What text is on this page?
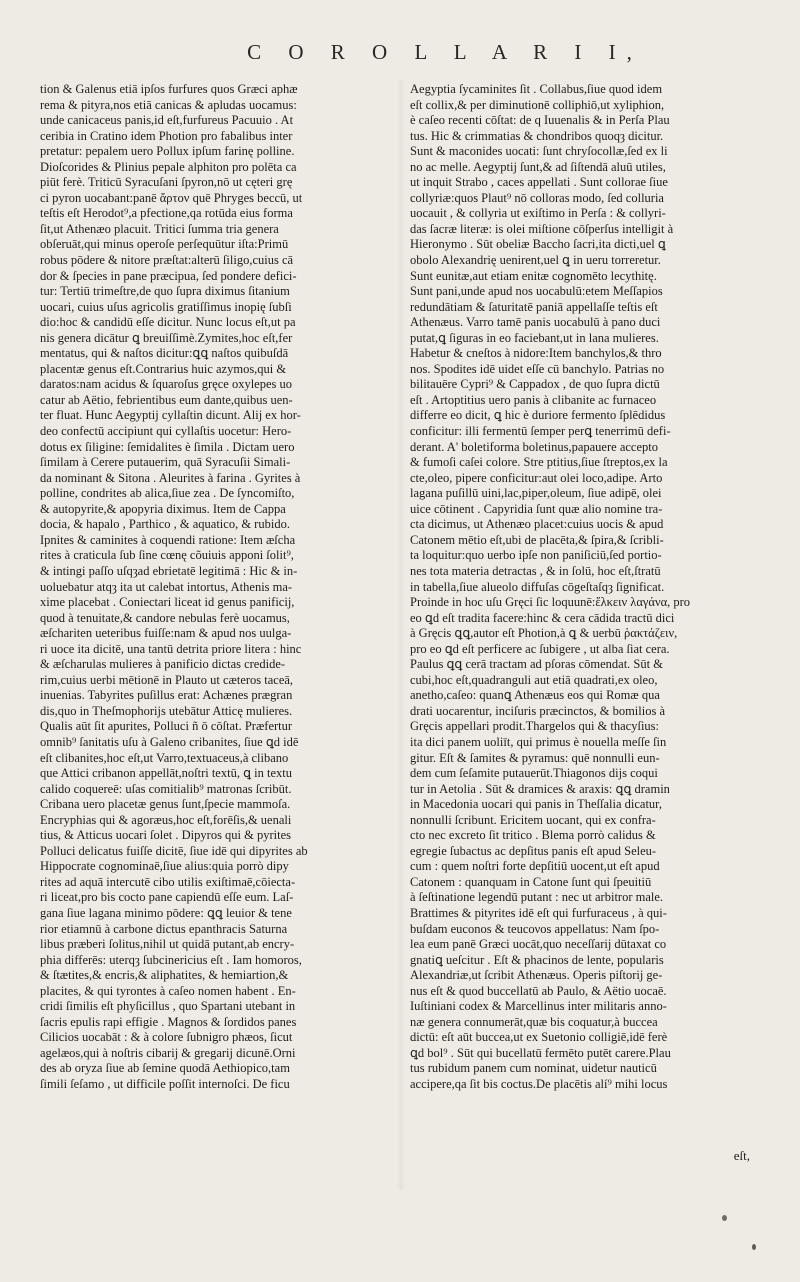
C O R O L L A R I I,
tion & Galenus etiā ipſos furfures quos Græci aphæ
rema & pityra,nos etiā canicas & apludas uocamus:
unde canicaceus panis,id eſt,furfureus Pacuuio . At
ceribia in Cratino idem Photion pro fabalibus inter
pretatur: pepalem uero Pollux ipſum farinę polline.
Dioſcorides & Plinius pepale alphiton pro polēta ca
piūt ferè. Triticū Syracuſani ſpyron,nō ut cęteri grę
ci pyron uocabant:panē ἄρτον quē Phryges beccū, ut
teſtis eſt Herodot⁹,a pfectione,qa rotūda eius forma
ſit,ut Athenæo placuit. Tritici ſumma tria genera
obſeruāt,qui minus operoſe perſequūtur iſta:Primū
robus pōdere & nitore præſtat:alterū ſiligo,cuius cā
dor & ſpecies in pane præcipua, ſed pondere defici-
tur: Tertiū trimeſtre,de quo ſupra diximus ſitanium
uocari, cuius uſus agricolis gratiſſimus inopię ſubſi
dio:hoc & candidū eſſe dicitur. Nunc locus eſt,ut pa
nis genera dicātur ꝗ breuiſſimè.Zymites,hoc eſt,fer
mentatus, qui & naſtos dicitur:ꝗꝗ naſtos quibuſdā
placentæ genus eſt.Contrarius huic azymos,qui &
daratos:nam acidus & ſquaroſus gręce oxylepes uo
catur ab Aëtio, febrientibus eum dante,quibus uen-
ter fluat. Hunc Aegyptij cyllaſtin dicunt. Alij ex hor-
deo confectū accipiunt qui cyllaſtis uocetur: Hero-
dotus ex ſiligine: ſemidalites è ſimila . Dictam uero
ſimilam à Cerere putauerim, quā Syracuſii Simali-
da nominant & Sitona . Aleurites à farina . Gyrites à
polline, condrites ab alica,ſiue zea . De ſyncomiſto,
& autopyrite,& apopyria diximus. Item de Cappa
docia, & hapalo , Parthico , & aquatico, & rubido.
Ipnites & caminites à coquendi ratione: Item æſcha
rites à craticula ſub ſine cœnę cõuiuis apponi ſolit⁹,
& intingi paſſo uſqȝad ebrietatē legitimā : Hic & in-
uoluebatur atqȝ ita ut calebat intortus, Athenis ma-
xime placebat . Coniectari liceat id genus panificij,
quod à tenuitate,& candore nebulas ferè uocamus,
æſchariten ueteribus fuiſſe:nam & apud nos uulga-
ri uoce ita dicitē, una tantū detrita priore litera : hinc
& æſcharulas mulieres à panificio dictas credide-
rim,cuius uerbi mētionē in Plauto ut cæteros taceā,
inuenias. Tabyrites puſillus erat: Achænes prægran
dis,quo in Theſmophorijs utebātur Atticę mulieres.
Qualis aūt ſit apurites, Polluci ñ ō cōſtat. Præfertur
omnib⁹ ſanitatis uſu à Galeno cribanites, ſiue ꝗd idē
eſt clibanites,hoc eſt,ut Varro,textuaceus,à clibano
que Attici cribanon appellāt,noſtri textū, ꝗ in textu
calido coquereē: uſas comitialib⁹ matronas ſcribūt.
Cribana uero placetæ genus ſunt,ſpecie mammoſa.
Encryphias qui & agoræus,hoc eſt,forēſis,& uenali
tius, & Atticus uocari ſolet . Dipyros qui & pyrites
Polluci delicatus fuiſſe dicitē, ſiue idē qui dipyrites ab
Hippocrate cognominaē,ſiue alius:quia porrò dipy
rites ad aquā intercutē cibo utilis exiſtimaē,cōiecta-
ri liceat,pro bis cocto pane capiendū eſſe eum. Laſ-
gana ſiue lagana minimo pōdere: ꝗꝗ leuior & tene
rior etiamnū à carbone dictus epanthracis Saturna
libus præberi ſolitus,nihil ut quidā putant,ab encry-
phia differēs: uterqȝ ſubcinericius eſt . Iam homoros,
& ſtætites,& encris,& aliphatites, & hemiartion,&
placites, & qui tyrontes à caſeo nomen habent . En-
cridi ſimilis eſt phyſicillus , quo Spartani utebant in
ſacris epulis rapi effigie . Magnos & ſordidos panes
Cilicios uocabāt : & à colore ſubnigro phæos, ſicut
agelæos,qui à noſtris cibarij & gregarij dicunē.Orni
des ab oryza ſiue ab ſemine quodā Aethiopico,tam
ſimili ſeſamo , ut difficile poſſit internoſci. De ficu
Aegyptia ſycaminites ſit . Collabus,ſiue quod idem
eſt collix,& per diminutionē colliphiō,ut xyliphion,
è caſeo recenti cōſtat: de q Iuuenalis & in Perſa Plau
tus. Hic & crimmatias & chondribos quoqȝ dicitur.
Sunt & maconides uocati: ſunt chryſocollæ,ſed ex li
no ac melle. Aegyptij ſunt,& ad ſiſtendā aluū utiles,
ut inquit Strabo , caces appellati . Sunt collorae ſiue
collyriæ:quos Plaut⁹ nō colloras modo, ſed colluria
uocauit , & collyria ut exiſtimo in Perſa : & collyri-
das ſacræ literæ: is olei miſtione cōſperſus intelligit à
Hieronymo . Sūt obeliæ Baccho ſacri,ita dicti,uel ꝗ
obolo Alexandrię uenirent,uel ꝗ in ueru torreretur.
Sunt eunitæ,aut etiam enitæ cognomēto lecythitę.
Sunt pani,unde apud nos uocabulū:etem Meſſapios
redundātiam & ſaturitatē paniā appellaſſe teſtis eſt
Athenæus. Varro tamē panis uocabulū à pano duci
putat,ꝗ ſiguras in eo faciebant,ut in lana mulieres.
Habetur & cneſtos à nidore:Item banchylos,& thro
nos. Spodites idē uidet eſſe cū banchylo. Patrias no
bilitauēre Cypri⁹ & Cappadox , de quo ſupra dictū
eſt . Artoptitius uero panis à clibanite ac furnaceo
differre eo dicit, ꝗ hic è duriore fermento ſplēdidus
conficitur: illi fermentū ſemper perꝗ tenerrimū defi-
derant. A' boletiforma boletinus,papauere accepto
& fumoſi caſei colore. Stre ptitius,ſiue ſtreptos,ex la
cte,oleo, pipere conficitur:aut olei loco,adipe. Arto
lagana puſillū uini,lac,piper,oleum, ſiue adipē, olei
uice cōtinent . Capyridia ſunt quæ alio nomine tra-
cta dicimus, ut Athenæo placet:cuius uocis & apud
Catonem mētio eſt,ubi de placēta,& ſpira,& ſcribli-
ta loquitur:quo uerbo ipſe non paniſiciū,ſed portio-
nes tota materia detractas , & in ſolū, hoc eſt,ſtratū
in tabella,ſiue alueolo diffuſas cōgeſtaſqȝ ſignificat.
Proinde in hoc uſu Gręci ſic loquunē:ἕλκειν λαγάνα, pro
eo ꝗd eſt tradita facere:hinc & cera cādida tractū dici
à Gręcis ꝗꝗ,autor eſt Photion,à ꝗ & uerbū ῥακτάζειν,
pro eo ꝗd eſt perficere ac ſubigere , ut alba ſiat cera.
Paulus ꝗꝗ cerā tractam ad pſoras cōmendat. Sūt &
cubi,hoc eſt,quadranguli aut etiā quadrati,ex oleo,
anetho,caſeo: quanꝗ Athenæus eos qui Romæ qua
drati uocarentur, inciſuris præcinctos, & bomilios à
Gręcis appellari prodit.Thargelos qui & thacyſius:
ita dici panem uoliīt, qui primus è nouella meſſe ſin
gitur. Eſt & ſamites & pyramus: quē nonnulli eun-
dem cum ſeſamite putauerūt.Thiagonos dijs coqui
tur in Aetolia . Sūt & dramices & araxis: ꝗꝗ dramin
in Macedonia uocari qui panis in Theſſalia dicatur,
nonnulli ſcribunt. Ericitem uocant, qui ex confra-
cto nec excreto ſit tritico . Blema porrò calidus &
egregie ſubactus ac depſitus panis eſt apud Seleu-
cum : quem noſtri forte depſitiū uocent,ut eſt apud
Catonem : quanquam in Catone ſunt qui ſpeuitiū
à ſeſtinatione legendū putant : nec ut arbitror male.
Brattimes & pityrites idē eſt qui furfuraceus , à qui-
buſdam euconos & teucονos appellatus: Nam ſpo-
lea eum panē Græci uocāt,quo neceſſarij dūtaxat co
gnatiꝗ ueſcitur . Eſt & phacinos de lente, popularis
Alexandriæ,ut ſcribit Athenæus. Operis piſtorij ge-
nus eſt & quod buccellatū ab Paulo, & Aëtio uocaē.
Iuſtiniani codex & Marcellinus inter militaris anno-
næ genera connumerāt,quæ bis coquatur,à buccea
dictū: eſt aūt buccea,ut ex Suetonio colligiē,idē ferè
ꝗd bol⁹ . Sūt qui bucellatū fermēto putēt carere.Plau
tus rubidum panem cum nominat, uidetur nauticū
accipere,qa ſit bis coctus.De placētis alí⁹ mihi locus
eſt,
